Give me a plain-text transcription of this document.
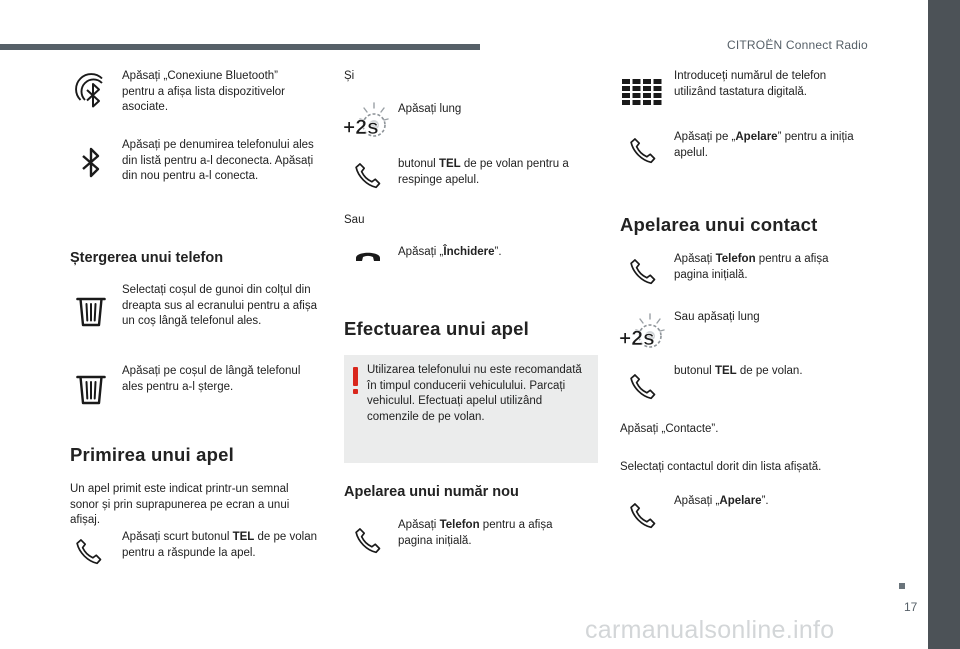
CITROËN Connect Radio
Apăsați „Conexiune Bluetooth” pentru a afișa lista dispozitivelor asociate.
Apăsați pe denumirea telefonului ales din listă pentru a-l deconecta. Apăsați din nou pentru a-l conecta.
Ștergerea unui telefon
Selectați coșul de gunoi din colțul din dreapta sus al ecranului pentru a afișa un coș lângă telefonul ales.
Apăsați pe coșul de lângă telefonul ales pentru a-l șterge.
Primirea unui apel
Un apel primit este indicat printr-un semnal sonor și prin suprapunerea pe ecran a unui afișaj.
Apăsați scurt butonul TEL de pe volan pentru a răspunde la apel.
Și
Apăsați lung
butonul TEL de pe volan pentru a respinge apelul.
Sau
Apăsați „Închidere”.
Efectuarea unui apel
Utilizarea telefonului nu este recomandată în timpul conducerii vehiculului. Parcați vehiculul. Efectuați apelul utilizând comenzile de pe volan.
Apelarea unui număr nou
Apăsați Telefon pentru a afișa pagina inițială.
Introduceți numărul de telefon utilizând tastatura digitală.
Apăsați pe „Apelare” pentru a iniția apelul.
Apelarea unui contact
Apăsați Telefon pentru a afișa pagina inițială.
Sau apăsați lung
butonul TEL de pe volan.
Apăsați „Contacte”.
Selectați contactul dorit din lista afișată.
Apăsați „Apelare”.
17
carmanualsonline.info
